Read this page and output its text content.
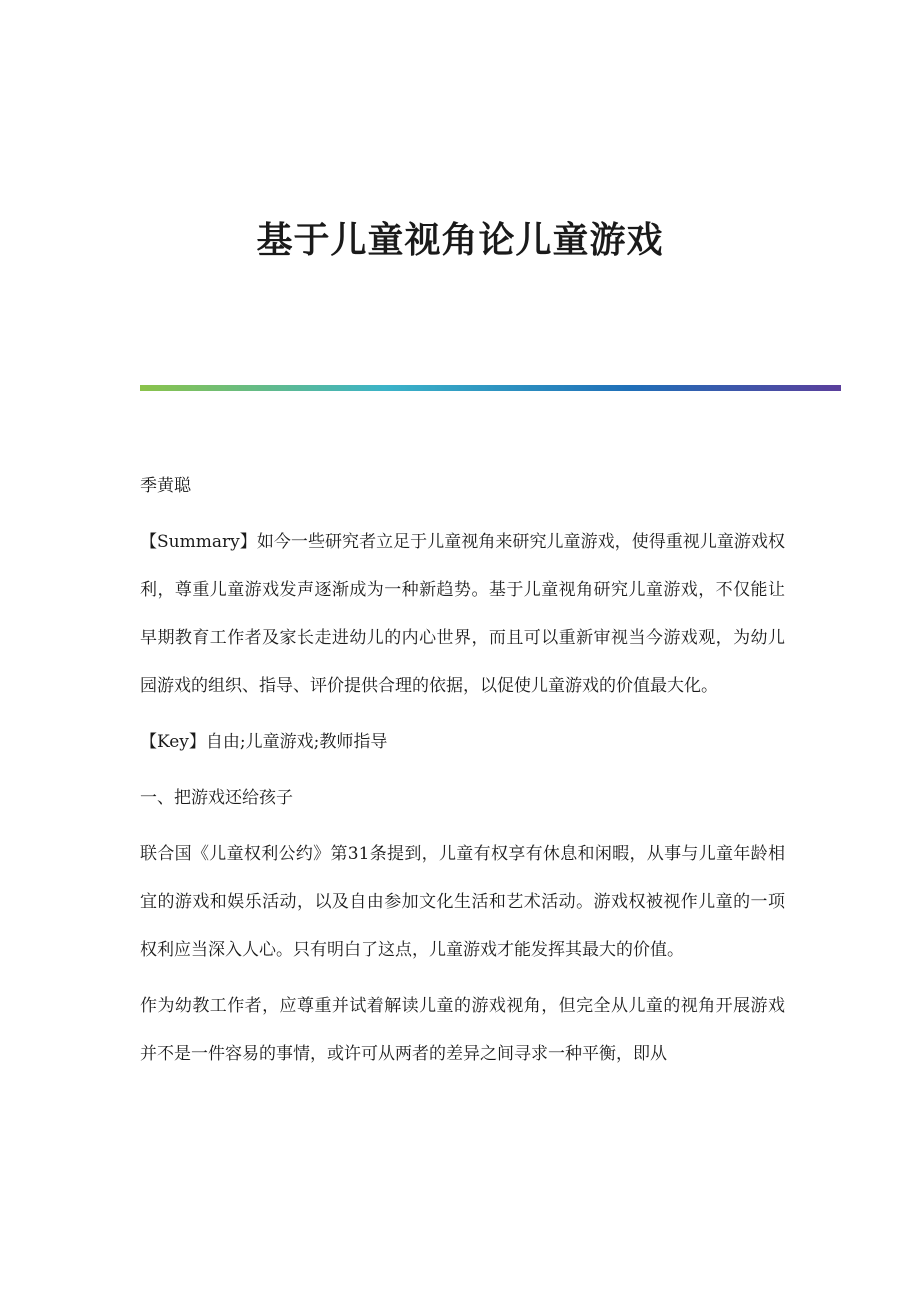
基于儿童视角论儿童游戏

季黄聪

【Summary】如今一些研究者立足于儿童视角来研究儿童游戏，使得重视儿童游戏权利，尊重儿童游戏发声逐渐成为一种新趋势。基于儿童视角研究儿童游戏，不仅能让早期教育工作者及家长走进幼儿的内心世界，而且可以重新审视当今游戏观，为幼儿园游戏的组织、指导、评价提供合理的依据，以促使儿童游戏的价值最大化。

【Key】自由;儿童游戏;教师指导

一、把游戏还给孩子

联合国《儿童权利公约》第31条提到，儿童有权享有休息和闲暇，从事与儿童年龄相宜的游戏和娱乐活动，以及自由参加文化生活和艺术活动。游戏权被视作儿童的一项权利应当深入人心。只有明白了这点，儿童游戏才能发挥其最大的价值。

作为幼教工作者，应尊重并试着解读儿童的游戏视角，但完全从儿童的视角开展游戏并不是一件容易的事情，或许可从两者的差异之间寻求一种平衡，即从
